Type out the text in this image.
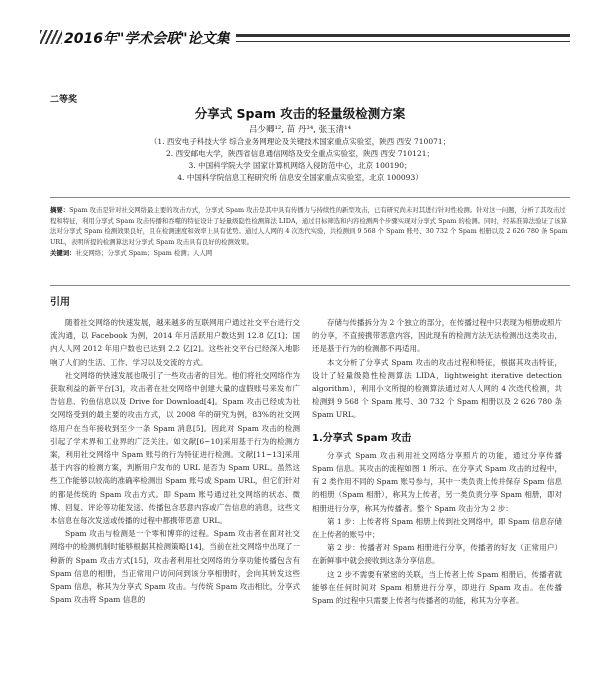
2016年"学术会联"论文集
二等奖
分享式 Spam 攻击的轻量级检测方案
吕少卿¹², 苗 丹³⁴, 张玉清¹⁴
（1. 西安电子科技大学 综合业务网理论及关键技术国家重点实验室，陕西 西安 710071；
2. 西安邮电大学，陕西省信息通信网络及安全重点实验室，陕西 西安 710121；
3. 中国科学院大学 国家计算机网络入侵防范中心，北京 100190；
4. 中国科学院信息工程研究所 信息安全国家重点实验室，北京 100093）
摘要：Spam 攻击是针对社交网络最主要的攻击方式，分享式 Spam 攻击是其中具有传播力与持续性的新型攻击，已有研究尚未对其进行针对性检测。针对这一问题，分析了其攻击过程和特征，利用分享式 Spam 攻击传播和吞噬的特征设计了轻量级隐性检测算法 LIDA，通过目标筛选和内容检测两个步骤实现对分享式 Spam 的检测。同时，经基准算法验证了该算法对分享式 Spam 检测效果良好，且在检测速度和效率上具有优势。通过人人网的 4 次迭代实验，共检测到 9 568 个 Spam 账号、30 732 个 Spam 相册以及 2 626 780 条 Spam URL，表明所提的检测算法对分享式 Spam 攻击具有良好的检测效果。
关键词：社交网络；分享式 Spam；Spam 检测；人人网
引用

随着社交网络的快速发展，越来越多的互联网用户通过社交平台进行交流沟通，以 Facebook 为例，2014 年月活跃用户数达到 12.8 亿[1]；国内人人网 2012 年用户数也已达到 2.2 亿[2]。这些社交平台已经深入地影响了人们的生活、工作、学习以及交流的方式。

社交网络的快速发展也吸引了一些攻击者的目光。他们将社交网络作为获取利益的新平台[3]，攻击者在社交网络中创建大量的虚假账号来发布广告信息、钓鱼信息以及 Drive for Download[4]。Spam 攻击已经成为社交网络受到的最主要的攻击方式，以 2008 年的研究为例，83%的社交网络用户在当年接收到至少一条 Spam 消息[5]。因此对 Spam 攻击的检测引起了学术界和工业界的广泛关注。如文献[6~10]采用基于行为的检测方案，利用社交网络中 Spam 账号的行为特征进行检测。文献[11~13]采用基于内容的检测方案，判断用户发布的 URL 是否为 Spam URL。虽然这些工作能够以较高的准确率检测出 Spam 账号或 Spam URL，但它们针对的都是传统的 Spam 攻击方式。即 Spam 账号通过社交网络的状态、微博、回复、评论等功能发送、传播包含恶意内容或广告信息的消息，这些文本信息在每次发送或传播的过程中都携带恶意 URL。

Spam 攻击与检测是一个零和博弈的过程。Spam 攻击者在面对社交网络中的检测机制时能够根据其检测策略[14]，当前在社交网络中出现了一种新的 Spam 攻击方式[15]，攻击者利用社交网络的分享功能传播包含有 Spam 信息的相册，当正常用户访问问到该分享相册时，会向其转发这些 Spam 信息，称其为分享式 Spam 攻击。与传统 Spam 攻击相比，分享式 Spam 攻击将 Spam 信息的

存储与传播拆分为 2 个独立的部分，在传播过程中只表现为相册或照片的分享，不直接携带恶意内容，因此现有的检测方法无法检测出这类攻击，还是基于行为的检测都不再适用。

本文分析了分享式 Spam 攻击的攻击过程和特征，根据其攻击特征，设计了轻量级隐性检测算法 LIDA，lightweight iterative detection algorithm），利用小文所提的检测算法通过对人人网的 4 次迭代检测，共检测到 9 568 个 Spam 账号、30 732 个 Spam 相册以及 2 626 780 条 Spam URL。

1.分享式 Spam 攻击

分享式 Spam 攻击利用社交网络分享照片的功能，通过分享传播 Spam 信息。其攻击的流程如图 1 所示。在分享式 Spam 攻击的过程中，有 2 类作用不同的 Spam 账号参与，其中一类负责上传并保存 Spam 信息的相册（Spam 相册），称其为上传者，另一类负责分享 Spam 相册，即对相册进行分享，称其为传播者。整个 Spam 攻击分为 2 步：

第 1 步：上传者将 Spam 相册上传到社交网络中，即 Spam 信息存储在上传者的账号中；

第 2 步：传播者对 Spam 相册进行分享，传播者的好友（正常用户）在新鲜事中就会接收到这条分享信息。

这 2 步不需要有紧密的关联，当上传者上传 Spam 相册后，传播者就能够在任何时间对 Spam 相册进行分享，即进行 Spam 攻击。在传播 Spam 的过程中只需要上传者与传播者的功能，称其为分享者。
